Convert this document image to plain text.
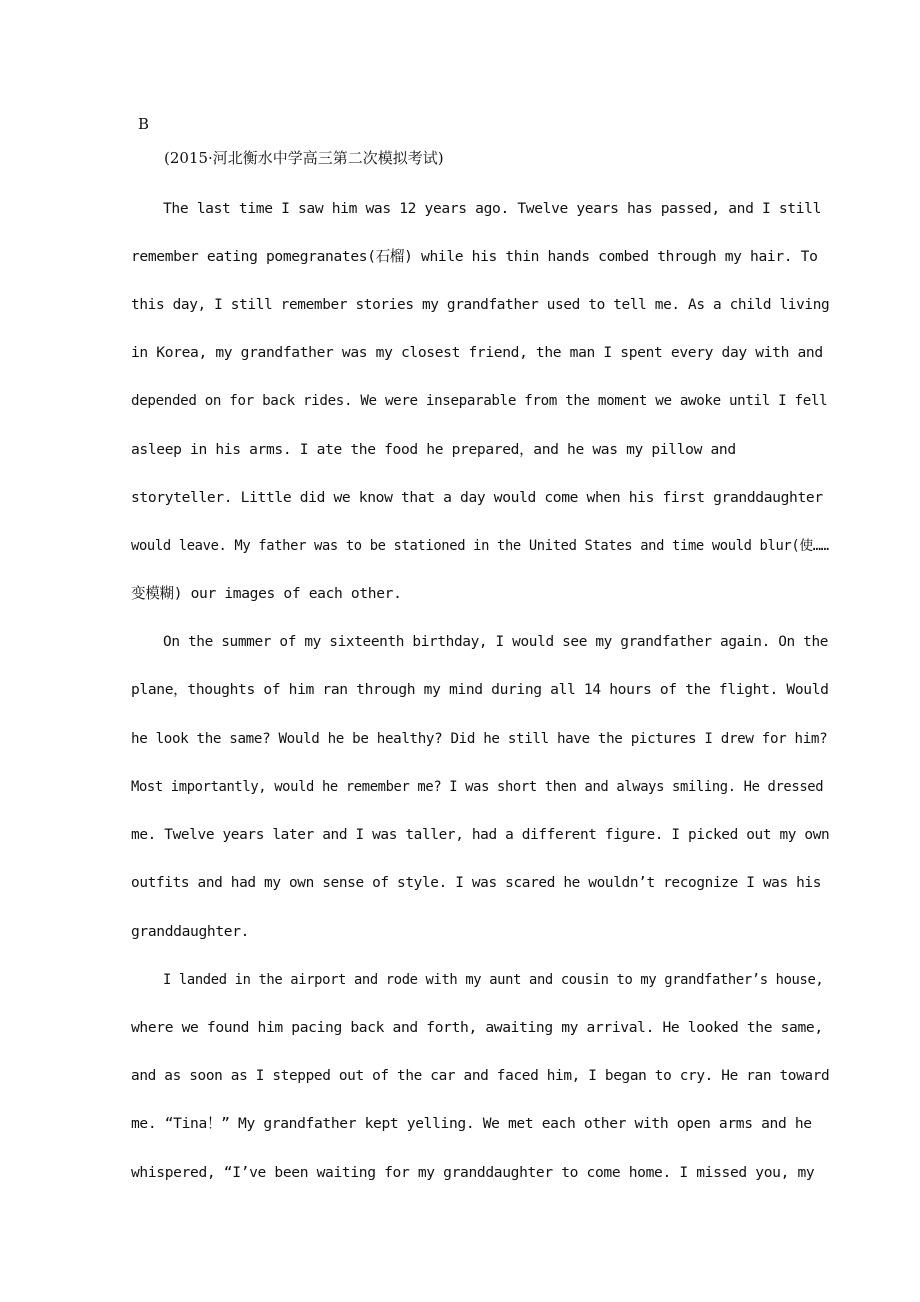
B
(2015·河北衡水中学高三第二次模拟考试)
The last time I saw him was 12 years ago. Twelve years has passed, and I still
remember eating pomegranates(石榴) while his thin hands combed through my hair. To
this day, I still remember stories my grandfather used to tell me. As a child living
in Korea, my grandfather was my closest friend, the man I spent every day with and
depended on for back rides. We were inseparable from the moment we awoke until I fell
asleep in his arms. I ate the food he prepared，and he was my pillow and
storyteller. Little did we know that a day would come when his first granddaughter
would leave. My father was to be stationed in the United States and time would blur(使……
变模糊) our images of each other.
On the summer of my sixteenth birthday, I would see my grandfather again. On the
plane，thoughts of him ran through my mind during all 14 hours of the flight. Would
he look the same? Would he be healthy? Did he still have the pictures I drew for him?
Most importantly, would he remember me? I was short then and always smiling. He dressed
me. Twelve years later and I was taller, had a different figure. I picked out my own
outfits and had my own sense of style. I was scared he wouldn’t recognize I was his
granddaughter.
I landed in the airport and rode with my aunt and cousin to my grandfather’s house,
where we found him pacing back and forth, awaiting my arrival. He looked the same,
and as soon as I stepped out of the car and faced him, I began to cry. He ran toward
me. “Tina！” My grandfather kept yelling. We met each other with open arms and he
whispered, “I’ve been waiting for my granddaughter to come home. I missed you, my
